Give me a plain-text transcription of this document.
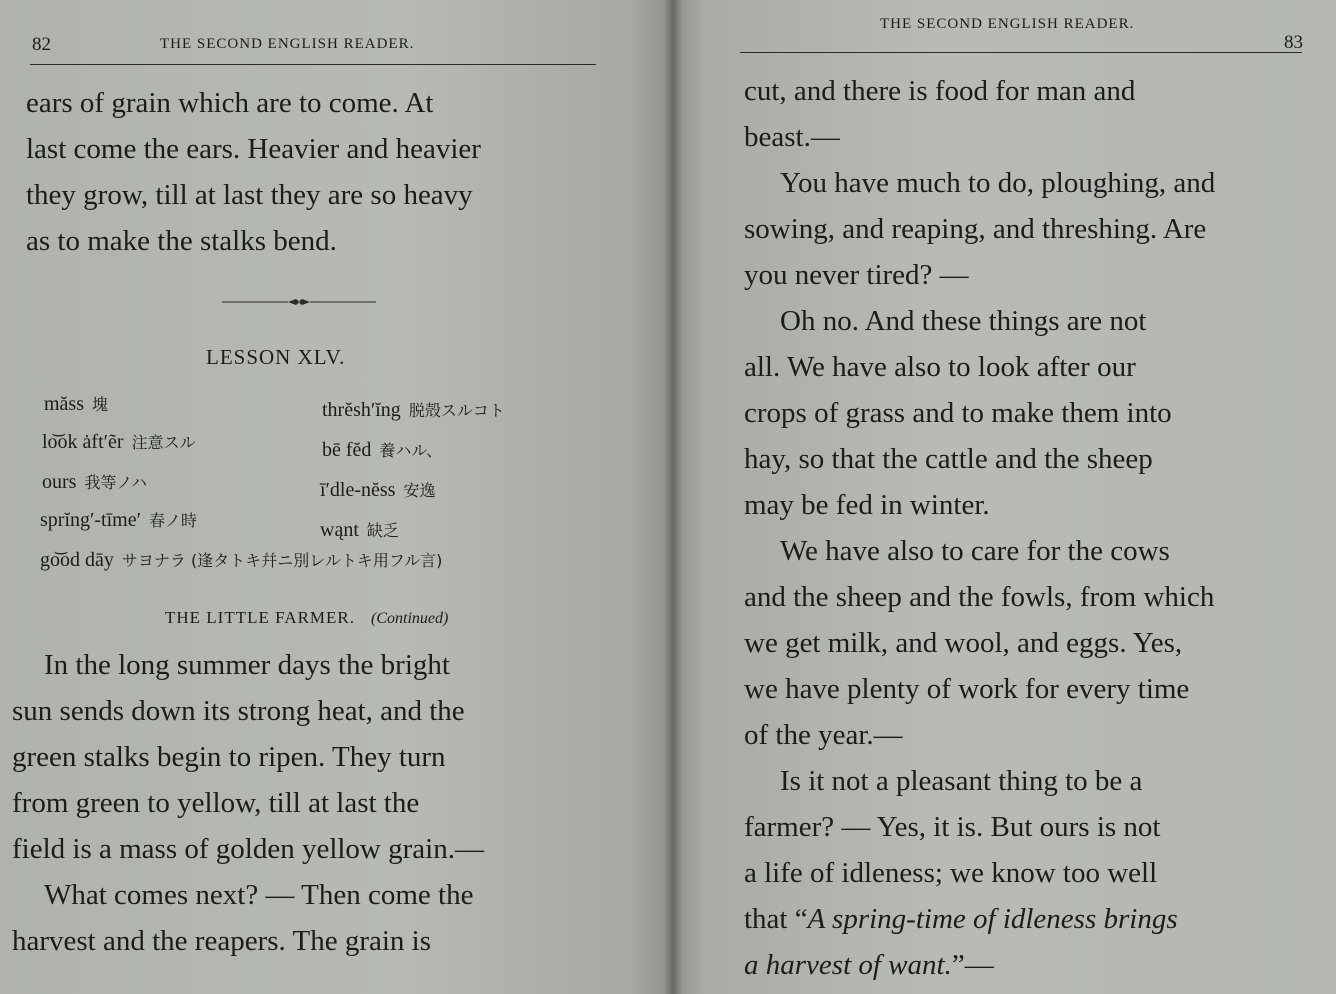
82	THE SECOND ENGLISH READER.
ears of grain which are to come. At
last come the ears. Heavier and heavier
they grow, till at last they are so heavy
as to make the stalks bend.
LESSON XLV.
măss 塊	thrĕsh′ĭng 脱殻スルコト
lo͝ok ȧft′ẽr 注意スル	bē fĕd 養ハル、
ours 我等ノハ	ī′dle-nĕss 安逸
sprĭng′-tīme′ 春ノ時	wąnt 缺乏
go͝od dāy サヨナラ (逢タトキ幷ニ別レルトキ用フル言)
THE LITTLE FARMER. (Continued)
In the long summer days the bright
sun sends down its strong heat, and the
green stalks begin to ripen. They turn
from green to yellow, till at last the
field is a mass of golden yellow grain.—
What comes next? — Then come the
harvest and the reapers. The grain is
THE SECOND ENGLISH READER.
83
cut, and there is food for man and
beast.—
You have much to do, ploughing, and
sowing, and reaping, and threshing. Are
you never tired? —
Oh no. And these things are not
all. We have also to look after our
crops of grass and to make them into
hay, so that the cattle and the sheep
may be fed in winter.
We have also to care for the cows
and the sheep and the fowls, from which
we get milk, and wool, and eggs. Yes,
we have plenty of work for every time
of the year.—
Is it not a pleasant thing to be a
farmer? — Yes, it is. But ours is not
a life of idleness; we know too well
that “A spring-time of idleness brings
a harvest of want.”—
